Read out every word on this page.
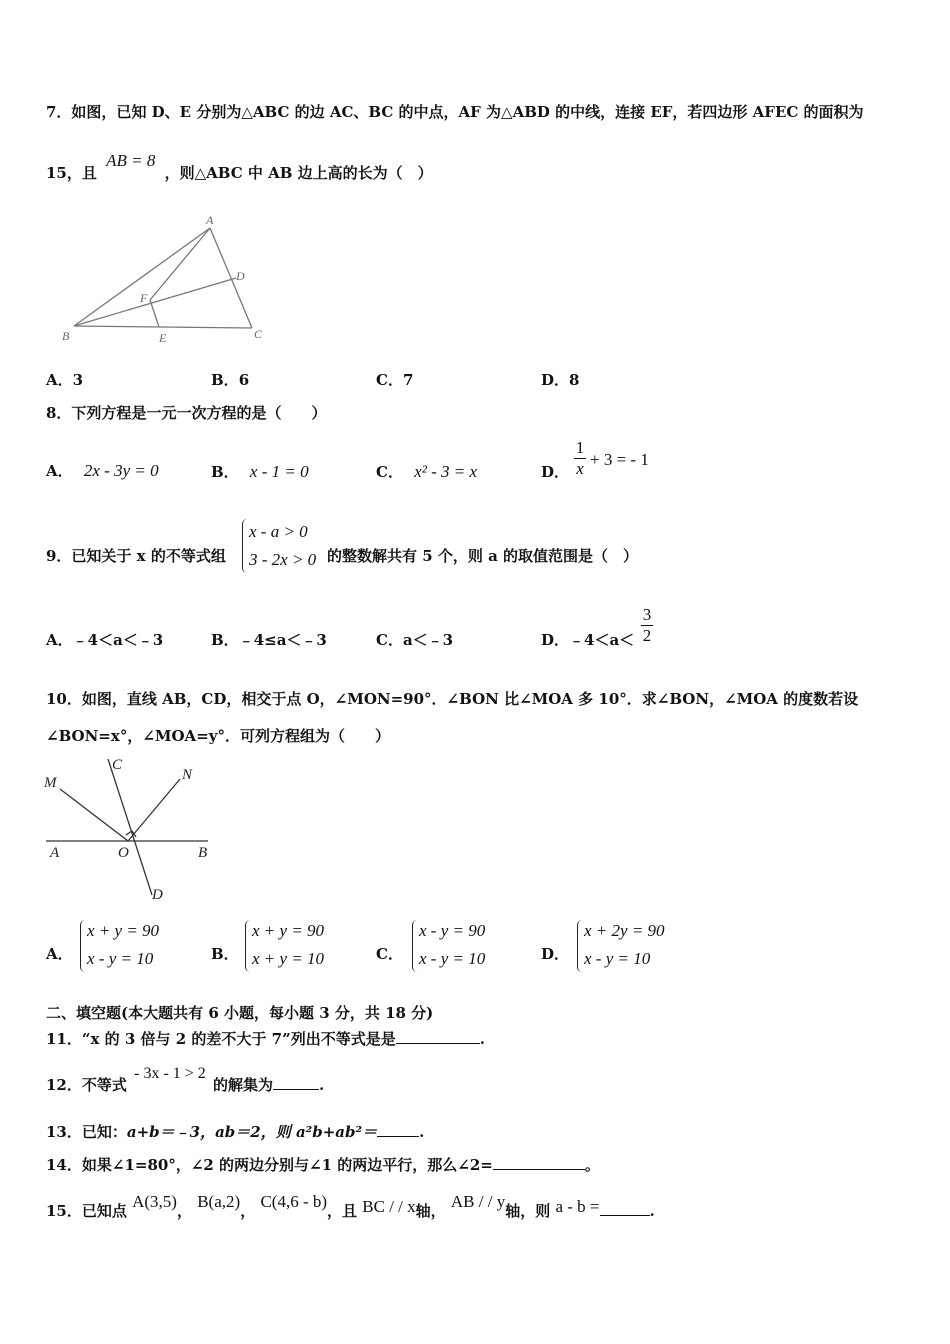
7．如图，已知 D、E 分别为△ABC 的边 AC、BC 的中点，AF 为△ABD 的中线，连接 EF，若四边形 AFEC 的面积为
15，且 AB = 8 ，则△ABC 中 AB 边上高的长为（　）
A
D
F
B	E	C
A．3	B．6	C．7	D．8
8．下列方程是一元一次方程的是（　　）
A． 2x - 3y = 0	B． x - 1 = 0	C． x² - 3 = x	D． $\frac{1}{x} + 3$ = - 1
9．已知关于 x 的不等式组
x - a > 0
3 - 2x > 0 的整数解共有 5 个，则 a 的取值范围是（　）
A．﹣4＜a＜﹣3	B．﹣4≤a＜﹣3	C．a＜﹣3	D．﹣4＜a＜ $\frac{3}{2}$
10．如图，直线 AB，CD，相交于点 O，∠MON=90°．∠BON 比∠MOA 多 10°．求∠BON，∠MOA 的度数若设
∠BON=x°，∠MOA=y°．可列方程组为（　　）
M
C
N
A	O	B
D
A．
x + y = 90
x - y = 10	B．
x + y = 90
x + y = 10	C．
x - y = 90
x - y = 10	D．
x + 2y = 90
x - y = 10
二、填空题(本大题共有 6 小题，每小题 3 分，共 18 分)
11．“x 的 3 倍与 2 的差不大于 7”列出不等式是是	.
12．不等式 - 3x - 1 > 2 的解集为	.
13．已知：a+b＝﹣3，ab＝2，则 a²b+ab²＝	.
14．如果∠1=80°，∠2 的两边分别与∠1 的两边平行，那么∠2=	。
15．已知点 A(3,5)， B(a,2)， C(4,6 - b)，且 BC / / x轴， AB / / y轴，则 a - b =	.
